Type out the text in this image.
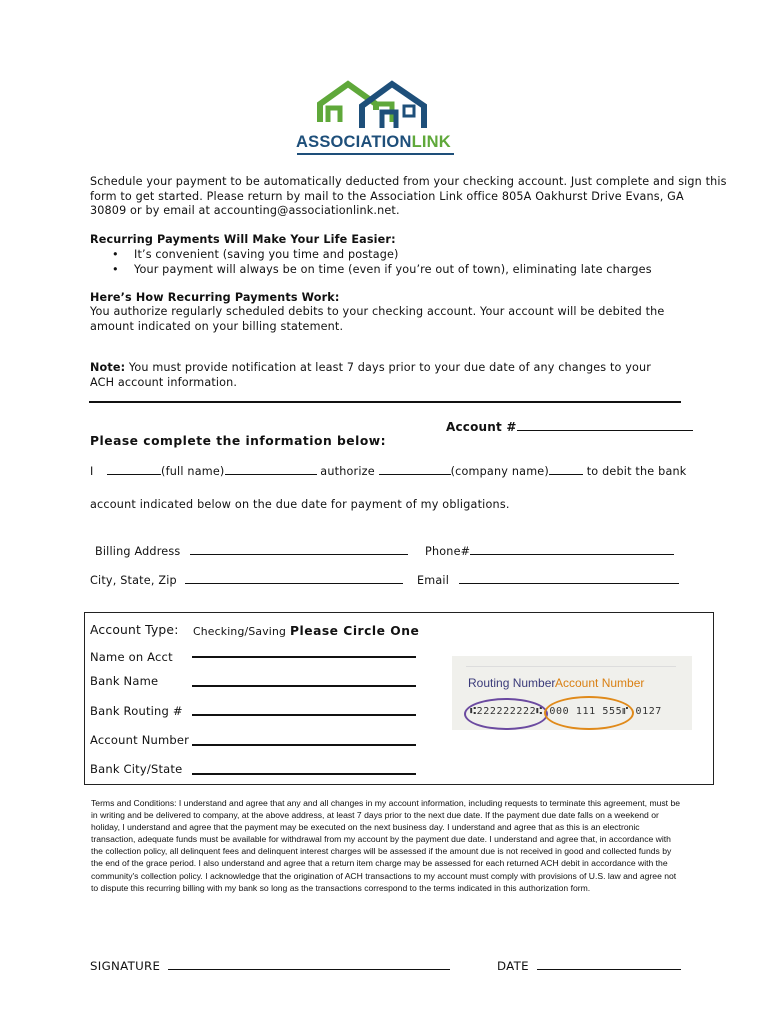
ASSOCIATIONLINK
Schedule your payment to be automatically deducted from your checking account. Just complete and sign this
form to get started. Please return by mail to the Association Link office 805A Oakhurst Drive Evans, GA
30809 or by email at accounting@associationlink.net.
Recurring Payments Will Make Your Life Easier:
• It’s convenient (saving you time and postage)
• Your payment will always be on time (even if you’re out of town), eliminating late charges
Here’s How Recurring Payments Work:
You authorize regularly scheduled debits to your checking account. Your account will be debited the
amount indicated on your billing statement.
Note: You must provide notification at least 7 days prior to your due date of any changes to your
ACH account information.
Account #
Please complete the information below:
I	(full name)	authorize	(company name)	to debit the bank
account indicated below on the due date for payment of my obligations.
Billing Address	Phone#
City, State, Zip	Email
Account Type: Checking/Saving Please Circle One
Name on Acct
Bank Name
Bank Routing #
Account Number
Bank City/State
Routing Number Account Number
⑆222222222⑆ 000 111 555⑈ 0127
Terms and Conditions: I understand and agree that any and all changes in my account information, including requests to terminate this agreement, must be in writing and be delivered to company, at the above address, at least 7 days prior to the next due date. If the payment due date falls on a weekend or holiday, I understand and agree that the payment may be executed on the next business day. I understand and agree that as this is an electronic transaction, adequate funds must be available for withdrawal from my account by the payment due date. I understand and agree that, in accordance with the collection policy, all delinquent fees and delinquent interest charges will be assessed if the amount due is not received in good and collected funds by the end of the grace period. I also understand and agree that a return item charge may be assessed for each returned ACH debit in accordance with the community's collection policy. I acknowledge that the origination of ACH transactions to my account must comply with provisions of U.S. law and agree not to dispute this recurring billing with my bank so long as the transactions correspond to the terms indicated in this authorization form.
SIGNATURE	DATE
